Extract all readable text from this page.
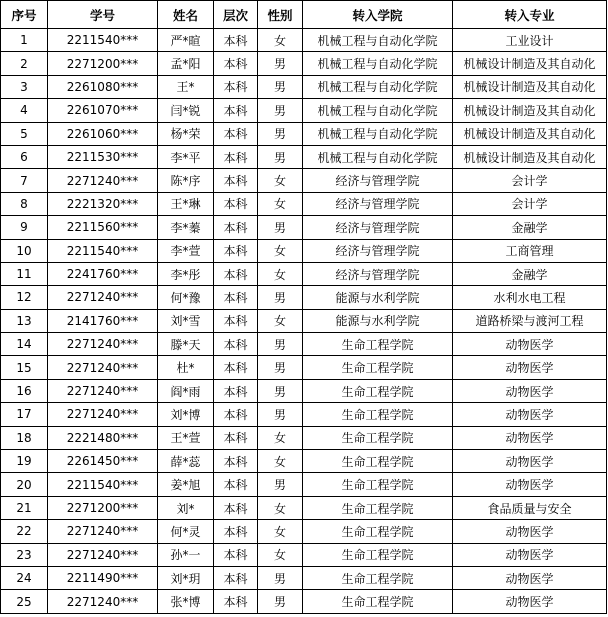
序号	学号	姓名	层次	性别	转入学院	转入专业
1	2211540***	严*暄	本科	女	机械工程与自动化学院	工业设计
2	2271200***	孟*阳	本科	男	机械工程与自动化学院	机械设计制造及其自动化
3	2261080***	王*	本科	男	机械工程与自动化学院	机械设计制造及其自动化
4	2261070***	闫*锐	本科	男	机械工程与自动化学院	机械设计制造及其自动化
5	2261060***	杨*荣	本科	男	机械工程与自动化学院	机械设计制造及其自动化
6	2211530***	李*平	本科	男	机械工程与自动化学院	机械设计制造及其自动化
7	2271240***	陈*序	本科	女	经济与管理学院	会计学
8	2221320***	王*琳	本科	女	经济与管理学院	会计学
9	2211560***	李*蓁	本科	男	经济与管理学院	金融学
10	2211540***	李*萱	本科	女	经济与管理学院	工商管理
11	2241760***	李*彤	本科	女	经济与管理学院	金融学
12	2271240***	何*豫	本科	男	能源与水利学院	水利水电工程
13	2141760***	刘*雪	本科	女	能源与水利学院	道路桥梁与渡河工程
14	2271240***	滕*天	本科	男	生命工程学院	动物医学
15	2271240***	杜*	本科	男	生命工程学院	动物医学
16	2271240***	阎*雨	本科	男	生命工程学院	动物医学
17	2271240***	刘*博	本科	男	生命工程学院	动物医学
18	2221480***	王*萱	本科	女	生命工程学院	动物医学
19	2261450***	薛*蕊	本科	女	生命工程学院	动物医学
20	2211540***	姜*旭	本科	男	生命工程学院	动物医学
21	2271200***	刘*	本科	女	生命工程学院	食品质量与安全
22	2271240***	何*灵	本科	女	生命工程学院	动物医学
23	2271240***	孙*一	本科	女	生命工程学院	动物医学
24	2211490***	刘*玥	本科	男	生命工程学院	动物医学
25	2271240***	张*博	本科	男	生命工程学院	动物医学
